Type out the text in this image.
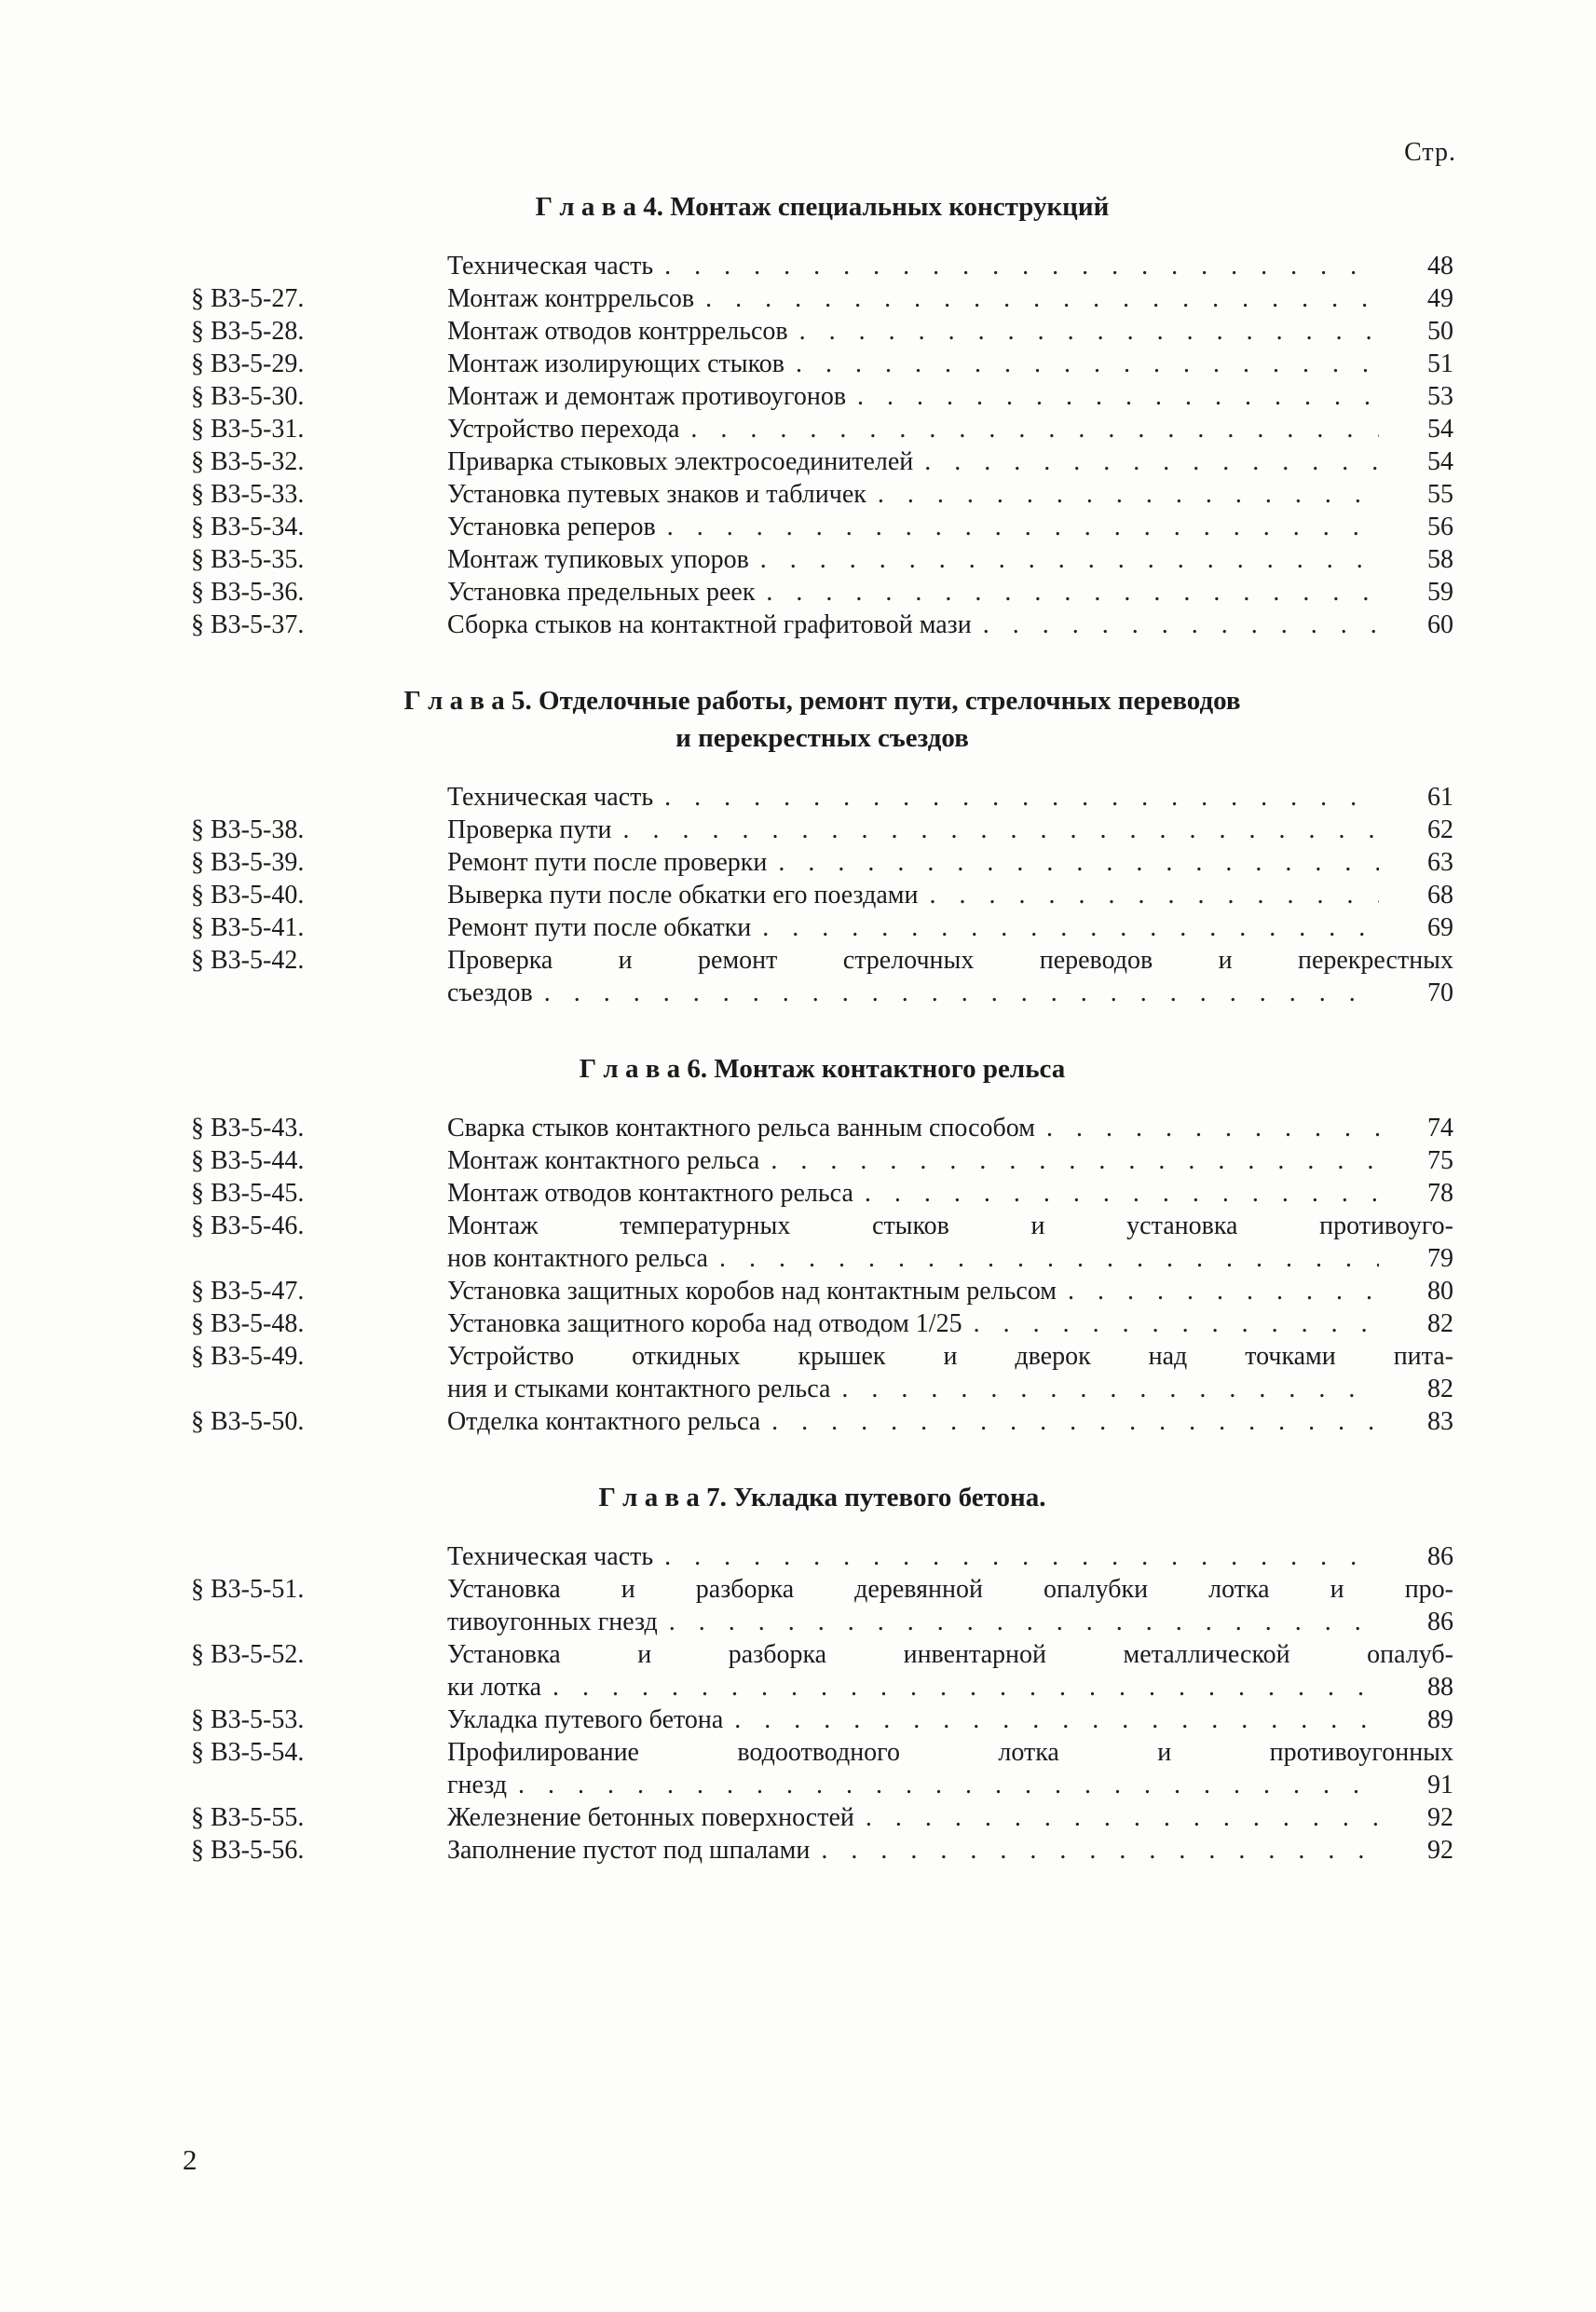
Стр.
Г л а в а 4. Монтаж специальных конструкций
Техническая часть . . .	48
§ В3-5-27.	Монтаж контррельсов . . .	49
§ В3-5-28.	Монтаж отводов контррельсов . . .	50
§ В3-5-29.	Монтаж изолирующих стыков . . .	51
§ В3-5-30.	Монтаж и демонтаж противоугонов . . .	53
§ В3-5-31.	Устройство перехода . . .	54
§ В3-5-32.	Приварка стыковых электросоединителей . . .	54
§ В3-5-33.	Установка путевых знаков и табличек . . .	55
§ В3-5-34.	Установка реперов . . .	56
§ В3-5-35.	Монтаж тупиковых упоров . . .	58
§ В3-5-36.	Установка предельных реек . . .	59
§ В3-5-37.	Сборка стыков на контактной графитовой мази . . .	60
Г л а в а 5. Отделочные работы, ремонт пути, стрелочных переводов
и перекрестных съездов
Техническая часть . . .	61
§ В3-5-38.	Проверка пути . . .	62
§ В3-5-39.	Ремонт пути после проверки . . .	63
§ В3-5-40.	Выверка пути после обкатки его поездами . . .	68
§ В3-5-41.	Ремонт пути после обкатки . . .	69
§ В3-5-42.	Проверка и ремонт стрелочных переводов и перекрестных
съездов . . .	70
Г л а в а 6. Монтаж контактного рельса
§ В3-5-43.	Сварка стыков контактного рельса ванным способом . . .	74
§ В3-5-44.	Монтаж контактного рельса . . .	75
§ В3-5-45.	Монтаж отводов контактного рельса . . .	78
§ В3-5-46.	Монтаж температурных стыков и установка противоуго-
нов контактного рельса . . .	79
§ В3-5-47.	Установка защитных коробов над контактным рельсом . . .	80
§ В3-5-48.	Установка защитного короба над отводом 1/25 . . .	82
§ В3-5-49.	Устройство откидных крышек и дверок над точками пита-
ния и стыками контактного рельса . . .	82
§ В3-5-50.	Отделка контактного рельса . . .	83
Г л а в а 7. Укладка путевого бетона.
Техническая часть . . .	86
§ В3-5-51.	Установка и разборка деревянной опалубки лотка и про-
тивоугонных гнезд . . .	86
§ В3-5-52.	Установка и разборка инвентарной металлической опалуб-
ки лотка . . .	88
§ В3-5-53.	Укладка путевого бетона . . .	89
§ В3-5-54.	Профилирование водоотводного лотка и противоугонных
гнезд . . .	91
§ В3-5-55.	Железнение бетонных поверхностей . . .	92
§ В3-5-56.	Заполнение пустот под шпалами . . .	92
2
